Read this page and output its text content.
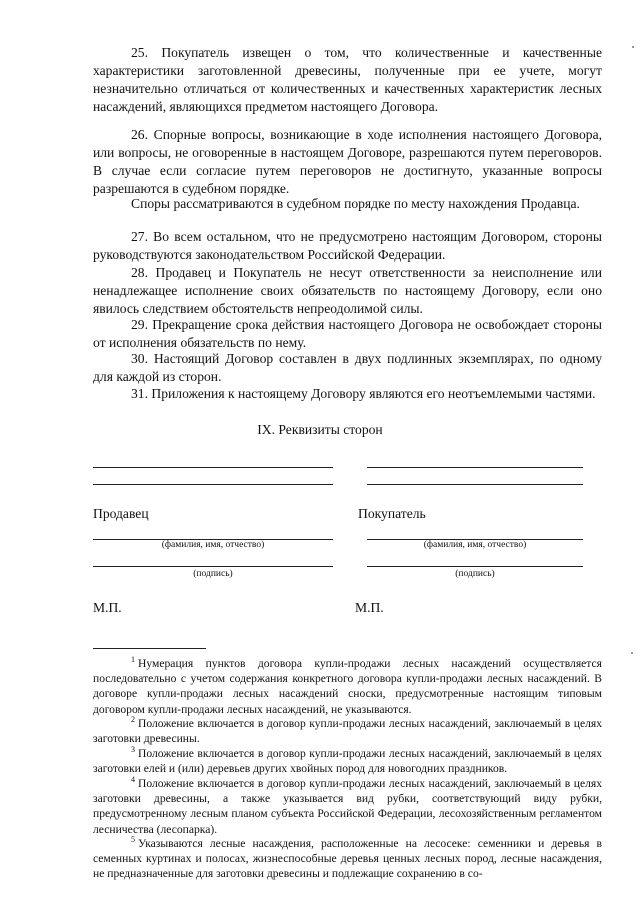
25. Покупатель извещен о том, что количественные и качественные характеристики заготовленной древесины, полученные при ее учете, могут незначительно отличаться от количественных и качественных характеристик лесных насаждений, являющихся предметом настоящего Договора.

26. Спорные вопросы, возникающие в ходе исполнения настоящего Договора, или вопросы, не оговоренные в настоящем Договоре, разрешаются путем переговоров. В случае если согласие путем переговоров не достигнуто, указанные вопросы разрешаются в судебном порядке.

Споры рассматриваются в судебном порядке по месту нахождения Продавца.

27. Во всем остальном, что не предусмотрено настоящим Договором, стороны руководствуются законодательством Российской Федерации.

28. Продавец и Покупатель не несут ответственности за неисполнение или ненадлежащее исполнение своих обязательств по настоящему Договору, если оно явилось следствием обстоятельств непреодолимой силы.

29. Прекращение срока действия настоящего Договора не освобождает стороны от исполнения обязательств по нему.

30. Настоящий Договор составлен в двух подлинных экземплярах, по одному для каждой из сторон.

31. Приложения к настоящему Договору являются его неотъемлемыми частями.

IX. Реквизиты сторон

Продавец
(фамилия, имя, отчество)
(подпись)
М.П.
Покупатель
(фамилия, имя, отчество)
(подпись)
М.П.

$^1$ Нумерация пунктов договора купли-продажи лесных насаждений осуществляется последовательно с учетом содержания конкретного договора купли-продажи лесных насаждений. В договоре купли-продажи лесных насаждений сноски, предусмотренные настоящим типовым договором купли-продажи лесных насаждений, не указываются.

$^2$ Положение включается в договор купли-продажи лесных насаждений, заключаемый в целях заготовки древесины.

$^3$ Положение включается в договор купли-продажи лесных насаждений, заключаемый в целях заготовки елей и (или) деревьев других хвойных пород для новогодних праздников.

$^4$ Положение включается в договор купли-продажи лесных насаждений, заключаемый в целях заготовки древесины, а также указывается вид рубки, соответствующий виду рубки, предусмотренному лесным планом субъекта Российской Федерации, лесохозяйственным регламентом лесничества (лесопарка).

$^5$ Указываются лесные насаждения, расположенные на лесосеке: семенники и деревья в семенных куртинах и полосах, жизнеспособные деревья ценных лесных пород, лесные насаждения, не предназначенные для заготовки древесины и подлежащие сохранению в со-
